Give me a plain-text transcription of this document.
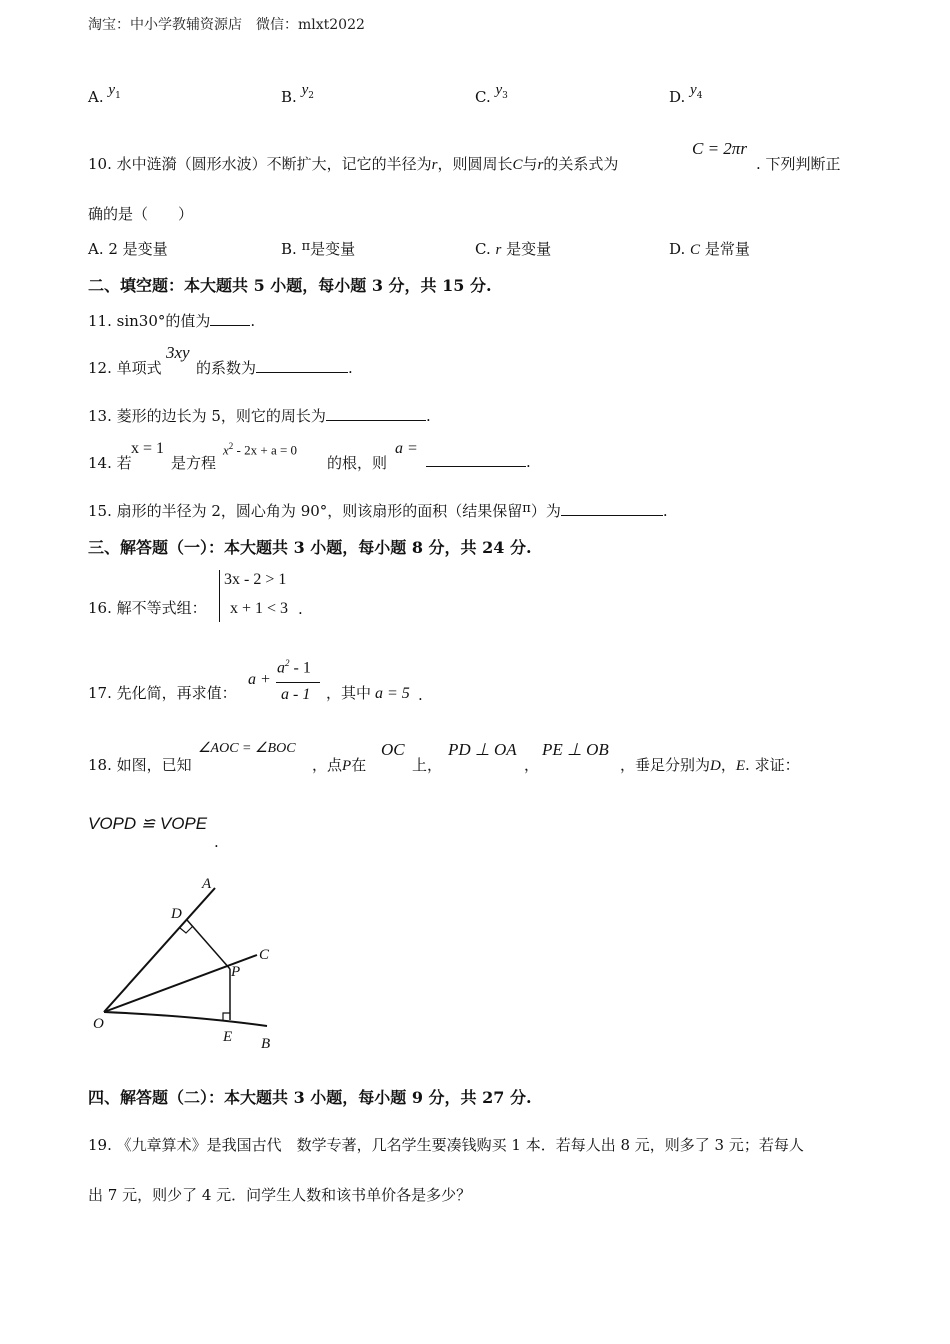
淘宝：中小学教辅资源店　微信：mlxt2022
A. $y_1$	B. $y_2$	C. $y_3$	D. $y_4$
10. 水中涟漪（圆形水波）不断扩大，记它的半径为r，则圆周长C与r的关系式为
C = 2πr
. 下列判断正
确的是（　　）
A. 2 是变量	B. π是变量	C. r 是变量	D. C 是常量
二、填空题：本大题共 5 小题，每小题 3 分，共 15 分.
11. sin30°的值为	.
12. 单项式
3xy
的系数为	.
13. 菱形的边长为 5，则它的周长为	.
14. 若
x = 1
是方程
$x^2 - 2x + a = 0$
的根，则
a =
.
15. 扇形的半径为 2，圆心角为 90°，则该扇形的面积（结果保留π）为	.
三、解答题（一）：本大题共 3 小题，每小题 8 分，共 24 分.
16. 解不等式组：
3x - 2 > 1
x + 1 < 3 .
17. 先化简，再求值：
a +
$a^2 - 1$
a - 1 ，其中 a = 5 .
18. 如图，已知
∠AOC = ∠BOC
，点P在
OC
上，
PD ⊥ OA
，
PE ⊥ OB
，垂足分别为D，E. 求证：
VOPD ≌ VOPE
.
A
D
C
P
O
E B
四、解答题（二）：本大题共 3 小题，每小题 9 分，共 27 分.
19. 《九章算术》是我国古代　数学专著，几名学生要凑钱购买 1 本．若每人出 8 元，则多了 3 元；若每人
出 7 元，则少了 4 元．问学生人数和该书单价各是多少？
